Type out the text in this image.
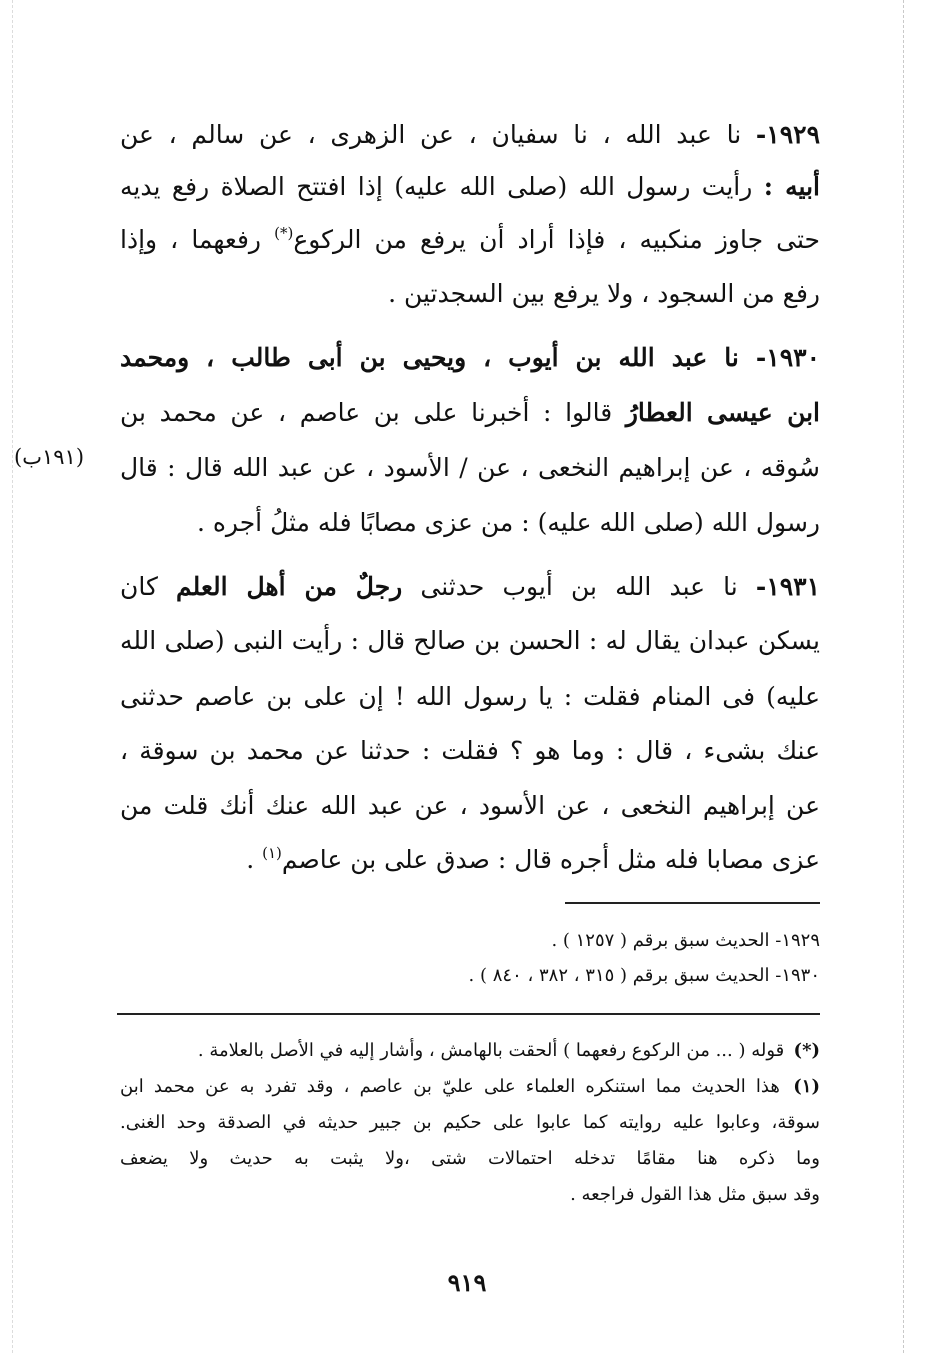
١٩٢٩- نا عبد الله ، نا سفيان ، عن الزهرى ، عن سالم ، عن
أبيه : رأيت رسول الله (صلى الله عليه) إذا افتتح الصلاة رفع يديه
حتى جاوز منكبيه ، فإذا أراد أن يرفع من الركوع(*) رفعهما ، وإذا
رفع من السجود ، ولا يرفع بين السجدتين .
١٩٣٠- نا عبد الله بن أيوب ، ويحيى بن أبى طالب ، ومحمد
ابن عيسى العطارُ قالوا : أخبرنا على بن عاصم ، عن محمد بن
سُوقه ، عن إبراهيم النخعى ، عن / الأسود ، عن عبد الله قال : قال
(١٩١ب)
رسول الله (صلى الله عليه) : من عزى مصابًا فله مثلُ أجره .
١٩٣١- نا عبد الله بن أيوب حدثنى رجلٌ من أهل العلم كان
يسكن عبدان يقال له : الحسن بن صالح قال : رأيت النبى (صلى الله
عليه) فى المنام فقلت : يا رسول الله ! إن على بن عاصم حدثنى
عنك بشىء ، قال : وما هو ؟ فقلت : حدثنا عن محمد بن سوقة ،
عن إبراهيم النخعى ، عن الأسود ، عن عبد الله عنك أنك قلت من
عزى مصابا فله مثل أجره قال : صدق على بن عاصم$^{(١)}$ .
١٩٢٩- الحديث سبق برقم ( ١٢٥٧ ) .
١٩٣٠- الحديث سبق برقم ( ٣١٥ ، ٣٨٢ ، ٨٤٠ ) .
(*) قوله ( ... من الركوع رفعهما ) ألحقت بالهامش ، وأشار إليه في الأصل بالعلامة .
(١) هذا الحديث مما استنكره العلماء على عليّ بن عاصم ، وقد تفرد به عن محمد ابن
سوقة، وعابوا عليه روايته كما عابوا على حكيم بن جبير حديثه في الصدقة وحد الغنى.
وما ذكره هنا مقامًا تدخله احتمالات شتى ،ولا يثبت به حديث ولا يضعف
وقد سبق مثل هذا القول فراجعه .
٩١٩
